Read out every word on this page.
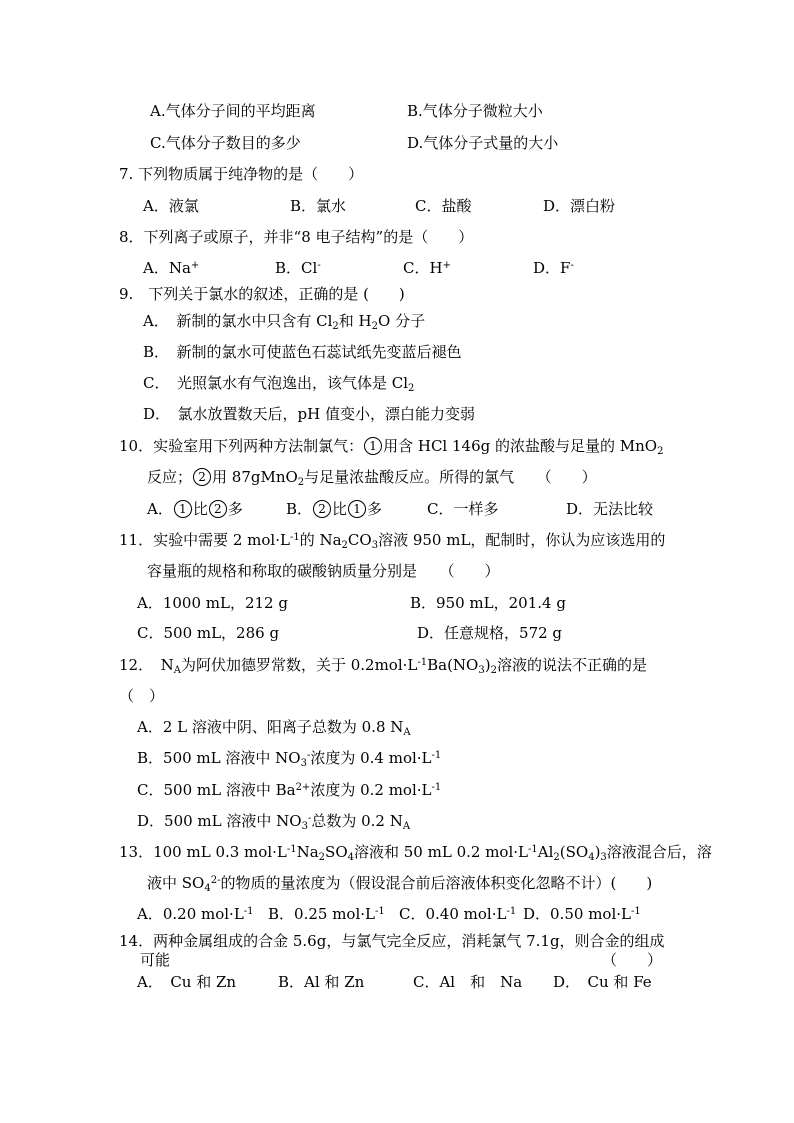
A.气体分子间的平均距离	B.气体分子微粒大小
C.气体分子数目的多少	D.气体分子式量的大小
7. 下列物质属于纯净物的是（　　）
A．液氯	B．氯水	C．盐酸	D．漂白粉
8．下列离子或原子，并非“8 电子结构”的是（　　）
A．Na+	B．Cl-	C．H+	D．F-
9.　下列关于氯水的叙述，正确的是 (　　)
A．　新制的氯水中只含有 $Cl_2$和 $H_2O$ 分子
B．　新制的氯水可使蓝色石蕊试纸先变蓝后褪色
C．　光照氯水有气泡逸出，该气体是 $Cl_2$
D．　氯水放置数天后，pH 值变小，漂白能力变弱
10．实验室用下列两种方法制氯气： 1 用含 HCl 146g 的浓盐酸与足量的 MnO$_2$
反应； 2 用 87gMnO$_2$与足量浓盐酸反应。所得的氯气　　（　　）
A． 1 比 2 多	B． 2 比 1 多	C．一样多	D．无法比较
11．实验中需要 2 $mol\cdot L^{-1}$的 $Na_2CO_3$溶液 950 mL，配制时，你认为应该选用的
容量瓶的规格和称取的碳酸钠质量分别是　　（　　）
A．1000 mL，212 g	B．950 mL，201.4 g
C．500 mL，286 g	D．任意规格，572 g
12．　$N_A$为阿伏加德罗常数，关于 $0.2mol\cdot L^{-1}Ba(NO_3)_2$溶液的说法不正确的是
（　）
A．2 L 溶液中阴、阳离子总数为 0.8 $N_A$
B．500 mL 溶液中 $NO_3^-$浓度为 0.4 $mol\cdot L^{-1}$
C．500 mL 溶液中 $Ba^{2+}$浓度为 0.2 $mol\cdot L^{-1}$
D．500 mL 溶液中 $NO_3^-$总数为 0.2 $N_A$
13．100 mL 0.3 $mol\cdot L^{-1}Na_2SO_4$溶液和 50 mL 0.2 $mol\cdot L^{-1}Al_2(SO_4)_3$溶液混合后，溶
液中 $SO_4^{2-}$的物质的量浓度为（假设混合前后溶液体积变化忽略不计）(　　)
A．0.20 $mol\cdot L^{-1}$ B．0.25 $mol\cdot L^{-1}$ C．0.40 $mol\cdot L^{-1}$ D．0.50 $mol\cdot L^{-1}$
14．两种金属组成的合金 5.6g，与氯气完全反应，消耗氯气 7.1g，则合金的组成
可能	（　　）
A．　Cu 和 Zn	B．Al 和 Zn	C．Al　和　Na D．　Cu 和 Fe
